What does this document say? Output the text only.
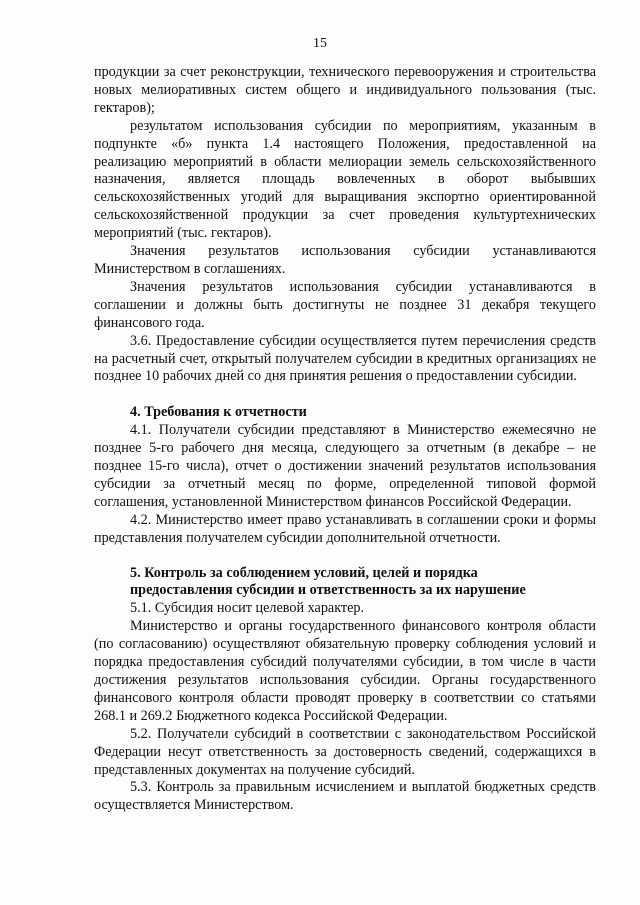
15

продукции за счет реконструкции, технического перевооружения и строительства новых мелиоративных систем общего и индивидуального пользования (тыс. гектаров);

результатом использования субсидии по мероприятиям, указанным в подпункте «б» пункта 1.4 настоящего Положения, предоставленной на реализацию мероприятий в области мелиорации земель сельскохозяйственного назначения, является площадь вовлеченных в оборот выбывших сельскохозяйственных угодий для выращивания экспортно ориентированной сельскохозяйственной продукции за счет проведения культуртехнических мероприятий (тыс. гектаров).

Значения результатов использования субсидии устанавливаются Министерством в соглашениях.

Значения результатов использования субсидии устанавливаются в соглашении и должны быть достигнуты не позднее 31 декабря текущего финансового года.

3.6. Предоставление субсидии осуществляется путем перечисления средств на расчетный счет, открытый получателем субсидии в кредитных организациях не позднее 10 рабочих дней со дня принятия решения о предоставлении субсидии.

4. Требования к отчетности

4.1. Получатели субсидии представляют в Министерство ежемесячно не позднее 5-го рабочего дня месяца, следующего за отчетным (в декабре – не позднее 15-го числа), отчет о достижении значений результатов использования субсидии за отчетный месяц по форме, определенной типовой формой соглашения, установленной Министерством финансов Российской Федерации.

4.2. Министерство имеет право устанавливать в соглашении сроки и формы представления получателем субсидии дополнительной отчетности.

5. Контроль за соблюдением условий, целей и порядка

предоставления субсидии и ответственность за их нарушение

5.1. Субсидия носит целевой характер.

Министерство и органы государственного финансового контроля области (по согласованию) осуществляют обязательную проверку соблюдения условий и порядка предоставления субсидий получателями субсидии, в том числе в части достижения результатов использования субсидии. Органы государственного финансового контроля области проводят проверку в соответствии со статьями 268.1 и 269.2 Бюджетного кодекса Российской Федерации.

5.2. Получатели субсидий в соответствии с законодательством Российской Федерации несут ответственность за достоверность сведений, содержащихся в представленных документах на получение субсидий.

5.3. Контроль за правильным исчислением и выплатой бюджетных средств осуществляется Министерством.
